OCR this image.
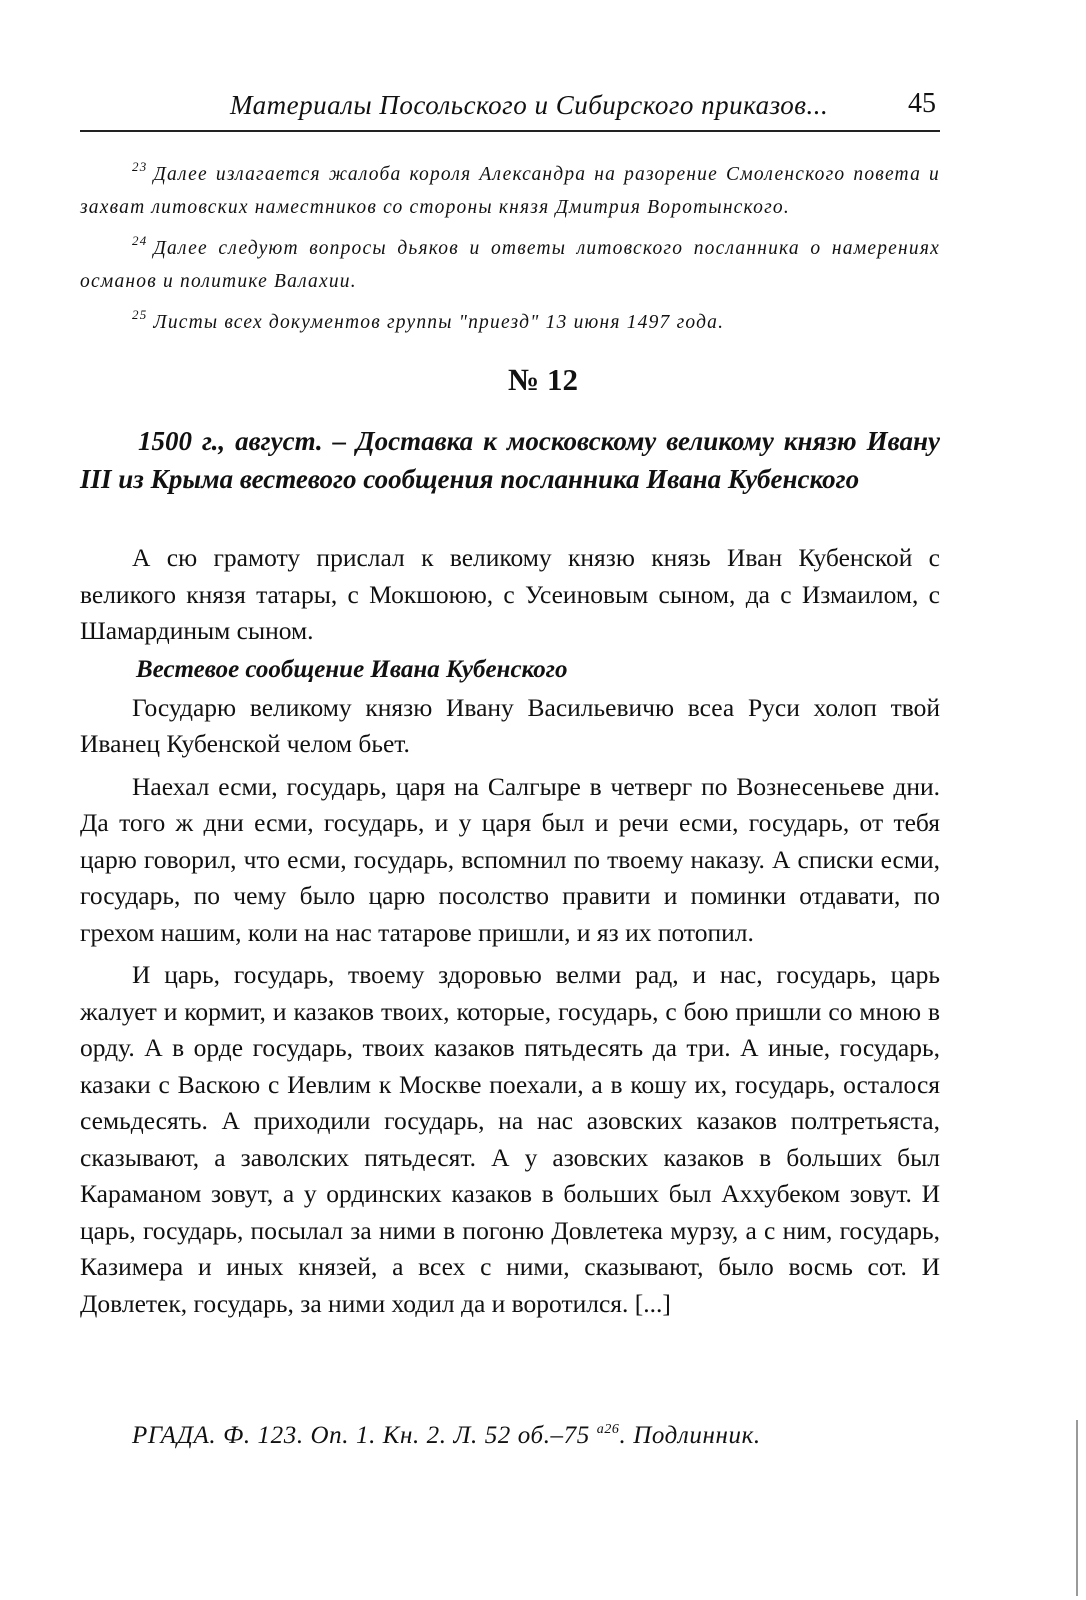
Материалы Посольского и Сибирского приказов...	45

$^{23}$ Далее излагается жалоба короля Александра на разорение Смоленского повета и захват литовских наместников со стороны князя Дмитрия Воротынского.

$^{24}$ Далее следуют вопросы дьяков и ответы литовского посланника о намерениях османов и политике Валахии.

$^{25}$ Листы всех документов группы "приезд" 13 июня 1497 года.

№ 12

1500 г., август. – Доставка к московскому великому князю Ивану III из Крыма вестевого сообщения посланника Ивана Кубенского

А сю грамоту прислал к великому князю князь Иван Кубенской с великого князя татары, с Мокшоюю, с Усеиновым сыном, да с Измаилом, с Шамардиным сыном.

Вестевое сообщение Ивана Кубенского

Государю великому князю Ивану Васильевичю всеа Руси холоп твой Иванец Кубенской челом бьет.

Наехал есми, государь, царя на Салгыре в четверг по Вознесеньеве дни. Да того ж дни есми, государь, и у царя был и речи есми, государь, от тебя царю говорил, что есми, государь, вспомнил по твоему наказу. А списки есми, государь, по чему было царю посолство правити и поминки отдавати, по грехом нашим, коли на нас татарове пришли, и яз их потопил.

И царь, государь, твоему здоровью велми рад, и нас, государь, царь жалует и кормит, и казаков твоих, которые, государь, с бою пришли со мною в орду. А в орде государь, твоих казаков пятьдесять да три. А иные, государь, казаки с Васкою с Иевлим к Москве поехали, а в кошу их, государь, осталося семьдесять. А приходили государь, на нас азовских казаков полтретьяста, сказывают, а заволских пятьдесят. А у азовских казаков в больших был Караманом зовут, а у ординских казаков в больших был Аххубеком зовут. И царь, государь, посылал за ними в погоню Довлетека мурзу, а с ним, государь, Казимера и иных князей, а всех с ними, сказывают, было восмь сот. И Довлетек, государь, за ними ходил да и воротился. [...]

РГАДА. Ф. 123. Оп. 1. Кн. 2. Л. 52 об.–75 $^{а26}$. Подлинник.
